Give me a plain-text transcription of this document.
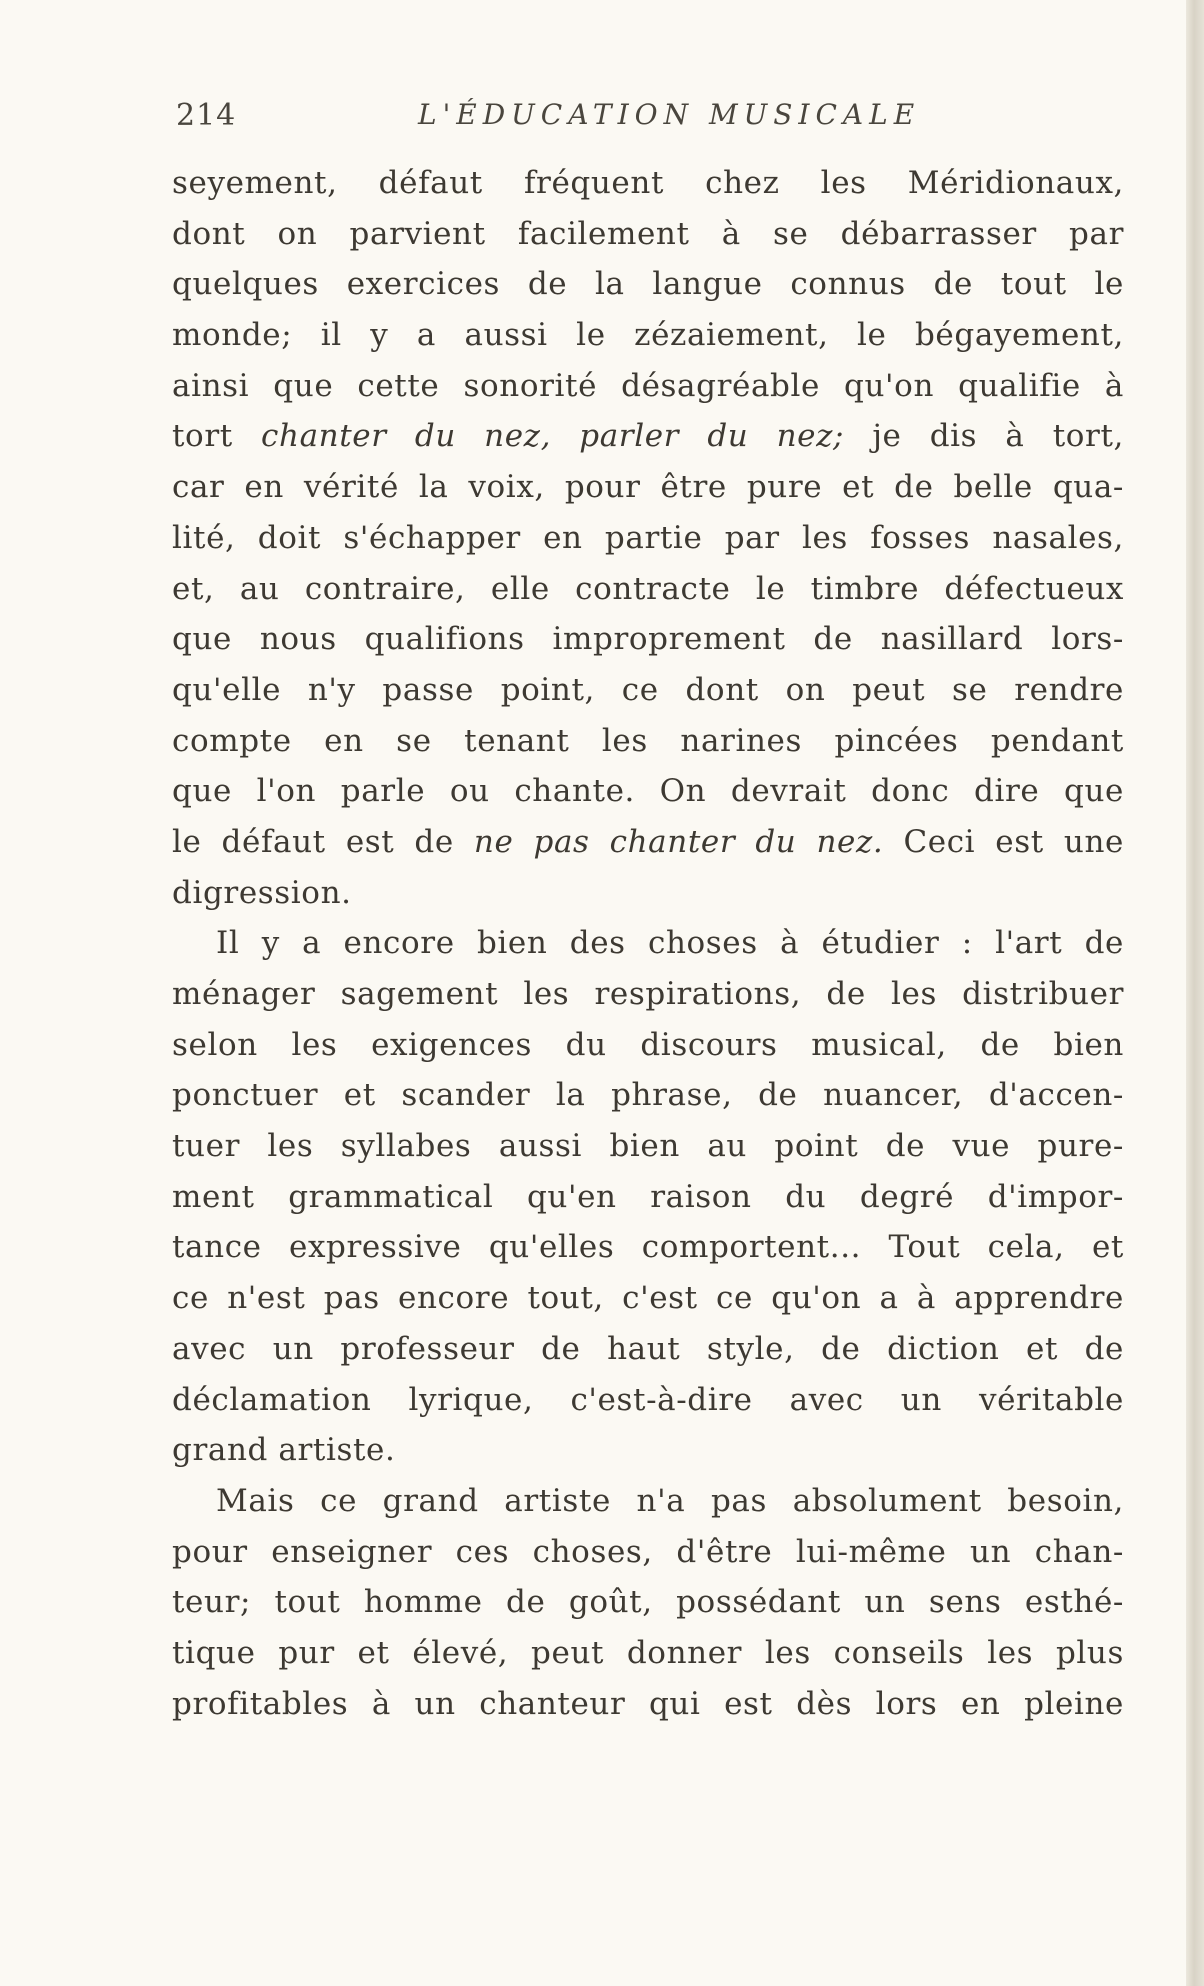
214	L'ÉDUCATION MUSICALE
seyement, défaut fréquent chez les Méridionaux,
dont on parvient facilement à se débarrasser par
quelques exercices de la langue connus de tout le
monde; il y a aussi le zézaiement, le bégayement,
ainsi que cette sonorité désagréable qu'on qualifie à
tort chanter du nez, parler du nez; je dis à tort,
car en vérité la voix, pour être pure et de belle qua-
lité, doit s'échapper en partie par les fosses nasales,
et, au contraire, elle contracte le timbre défectueux
que nous qualifions improprement de nasillard lors-
qu'elle n'y passe point, ce dont on peut se rendre
compte en se tenant les narines pincées pendant
que l'on parle ou chante. On devrait donc dire que
le défaut est de ne pas chanter du nez. Ceci est une
digression.
Il y a encore bien des choses à étudier : l'art de
ménager sagement les respirations, de les distribuer
selon les exigences du discours musical, de bien
ponctuer et scander la phrase, de nuancer, d'accen-
tuer les syllabes aussi bien au point de vue pure-
ment grammatical qu'en raison du degré d'impor-
tance expressive qu'elles comportent... Tout cela, et
ce n'est pas encore tout, c'est ce qu'on a à apprendre
avec un professeur de haut style, de diction et de
déclamation lyrique, c'est-à-dire avec un véritable
grand artiste.
Mais ce grand artiste n'a pas absolument besoin,
pour enseigner ces choses, d'être lui-même un chan-
teur; tout homme de goût, possédant un sens esthé-
tique pur et élevé, peut donner les conseils les plus
profitables à un chanteur qui est dès lors en pleine
